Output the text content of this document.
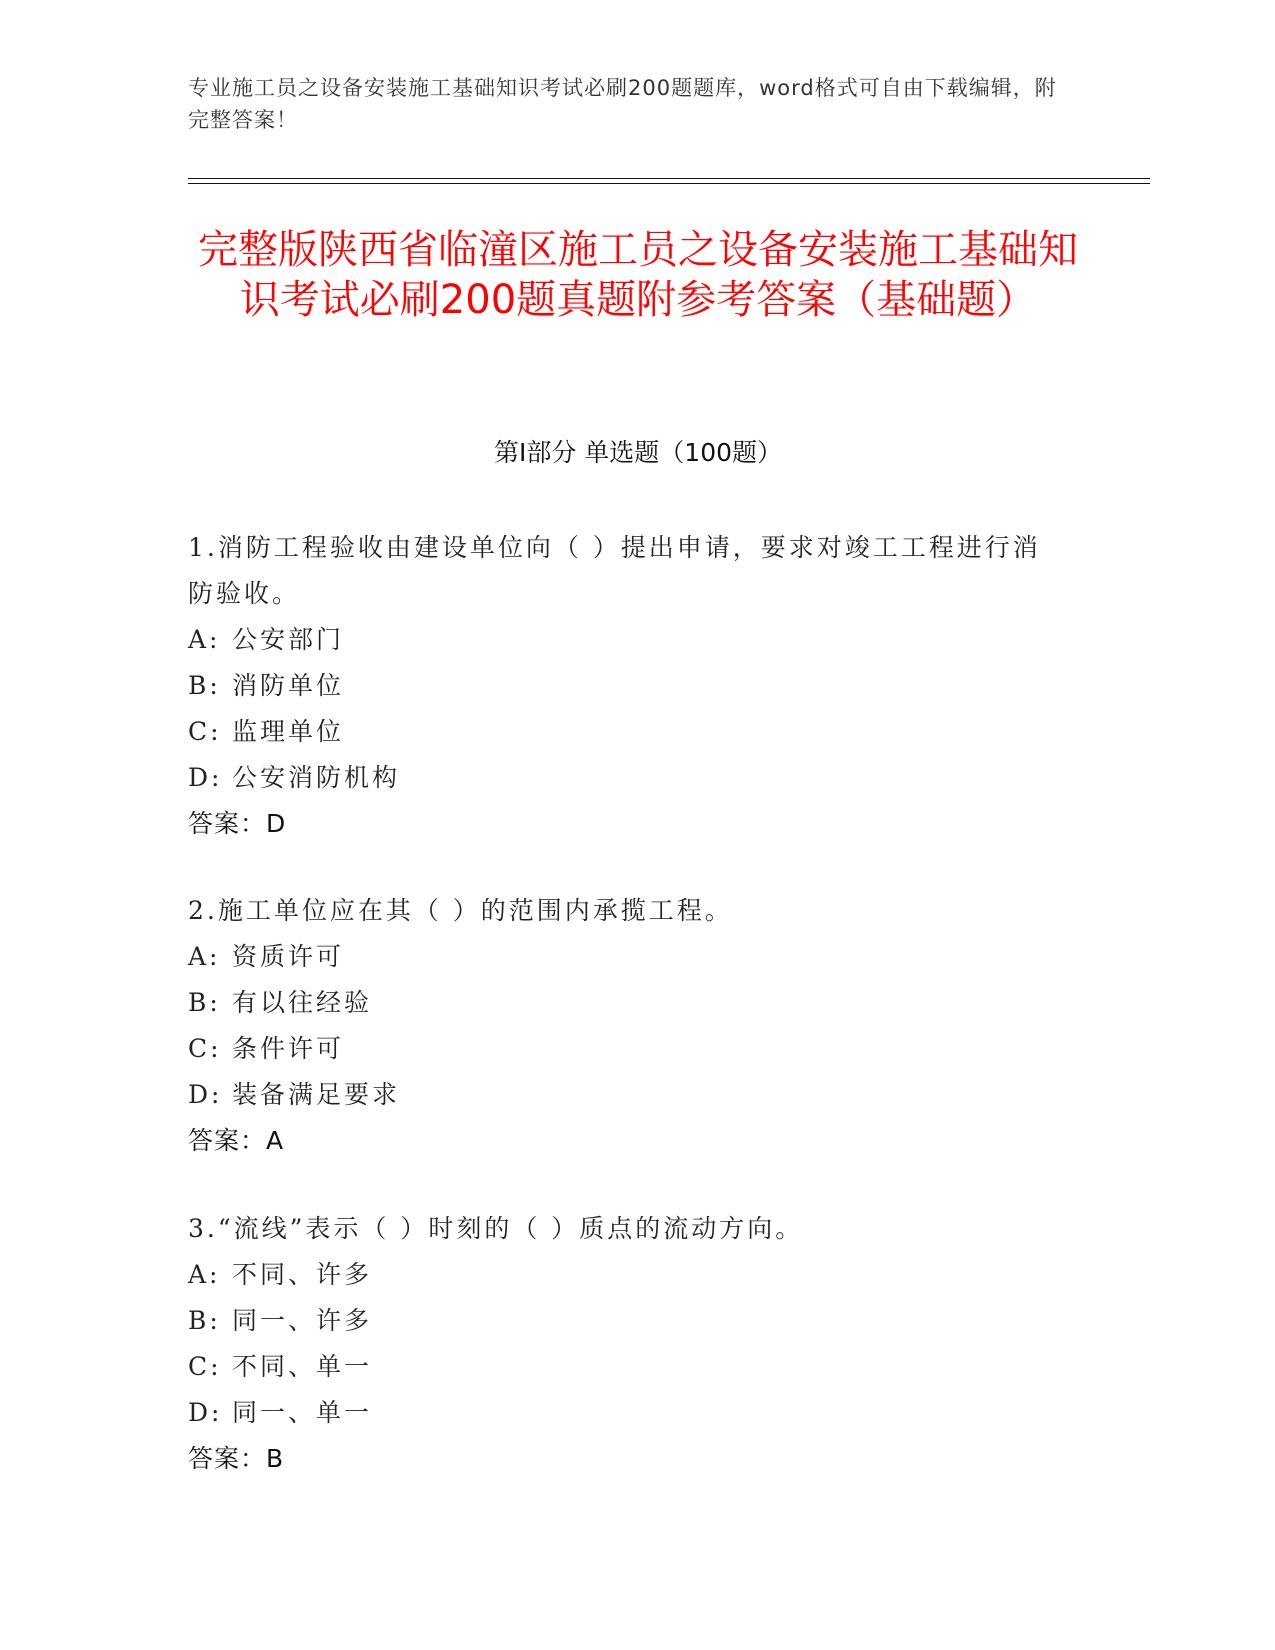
专业施工员之设备安装施工基础知识考试必刷200题题库，word格式可自由下载编辑，附完整答案！
完整版陕西省临潼区施工员之设备安装施工基础知识考试必刷200题真题附参考答案（基础题）
第Ⅰ部分 单选题（100题）
1.消防工程验收由建设单位向（ ）提出申请，要求对竣工工程进行消防验收。
A: 公安部门
B: 消防单位
C: 监理单位
D: 公安消防机构
答案：D
2.施工单位应在其（ ）的范围内承揽工程。
A: 资质许可
B: 有以往经验
C: 条件许可
D: 装备满足要求
答案：A
3.“流线”表示（ ）时刻的（ ）质点的流动方向。
A: 不同、许多
B: 同一、许多
C: 不同、单一
D: 同一、单一
答案：B
